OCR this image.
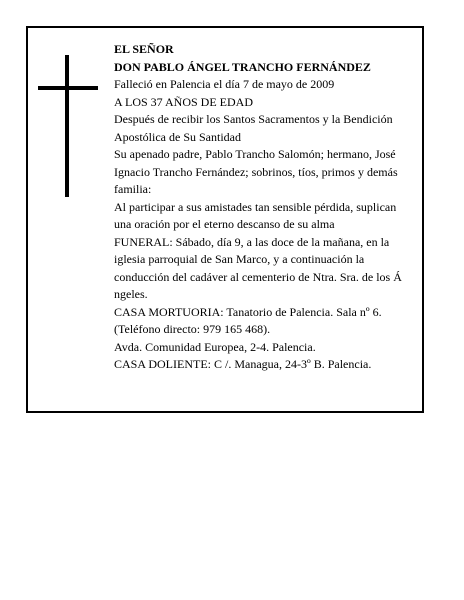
EL SEÑOR

DON PABLO ÁNGEL TRANCHO FERNÁNDEZ

Falleció en Palencia el día 7 de mayo de 2009

A LOS 37 AÑOS DE EDAD

Después de recibir los Santos Sacramentos y la Bendición Apostólica de Su Santidad

Su apenado padre, Pablo Trancho Salomón; hermano, José Ignacio Trancho Fernández; sobrinos, tíos, primos y demás familia:

Al participar a sus amistades tan sensible pérdida, suplican una oración por el eterno descanso de su alma

FUNERAL: Sábado, día 9, a las doce de la mañana, en la iglesia parroquial de San Marco, y a continuación la conducción del cadáver al cementerio de Ntra. Sra. de los Á ngeles.

CASA MORTUORIA: Tanatorio de Palencia. Sala nº 6. (Teléfono directo: 979 165 468).

Avda. Comunidad Europea, 2-4. Palencia.

CASA DOLIENTE: C /. Managua, 24-3º B. Palencia.
